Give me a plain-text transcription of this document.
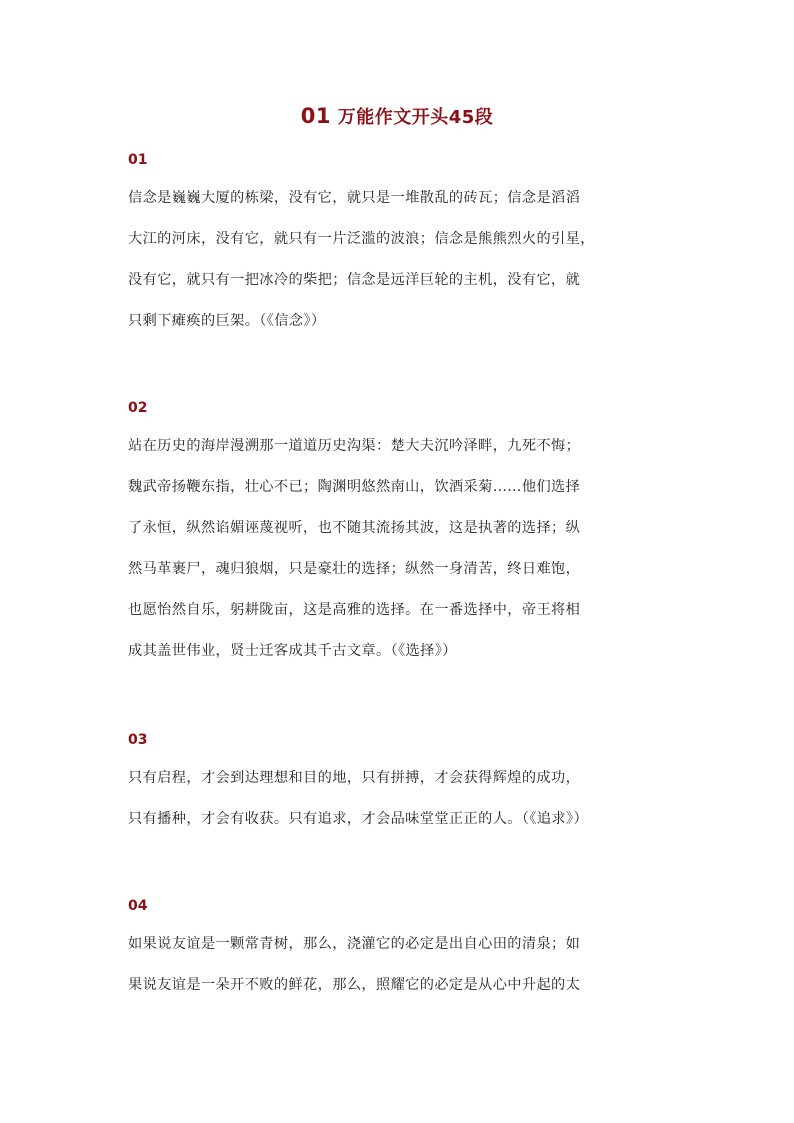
01 万能作文开头45段
01
信念是巍巍大厦的栋梁，没有它，就只是一堆散乱的砖瓦；信念是滔滔
大江的河床，没有它，就只有一片泛滥的波浪；信念是熊熊烈火的引星，
没有它，就只有一把冰冷的柴把；信念是远洋巨轮的主机，没有它，就
只剩下瘫痪的巨架。（《信念》）
02
站在历史的海岸漫溯那一道道历史沟渠：楚大夫沉吟泽畔，九死不悔；
魏武帝扬鞭东指，壮心不已；陶渊明悠然南山，饮酒采菊……他们选择
了永恒，纵然谄媚诬蔑视听，也不随其流扬其波，这是执著的选择；纵
然马革裹尸，魂归狼烟，只是豪壮的选择；纵然一身清苦，终日难饱，
也愿怡然自乐，躬耕陇亩，这是高雅的选择。在一番选择中，帝王将相
成其盖世伟业，贤士迁客成其千古文章。（《选择》）
03
只有启程，才会到达理想和目的地，只有拼搏，才会获得辉煌的成功，
只有播种，才会有收获。只有追求，才会品味堂堂正正的人。（《追求》）
04
如果说友谊是一颗常青树，那么，浇灌它的必定是出自心田的清泉；如
果说友谊是一朵开不败的鲜花，那么，照耀它的必定是从心中升起的太
